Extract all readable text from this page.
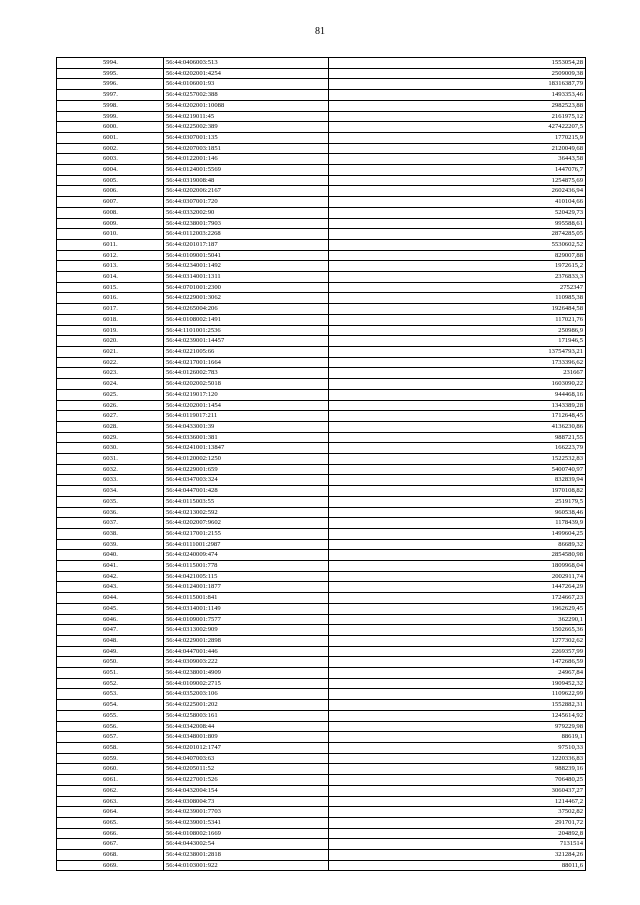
81
5994.	56:44:0406003:513	1553054,28
5995.	56:44:0202001:4254	2509009,38
5996.	56:44:0106001:93	18316387,79
5997.	56:44:0257002:388	1493353,46
5998.	56:44:0202001:10088	2982523,88
5999.	56:44:0219011:45	2161975,12
6000.	56:44:0225002:389	427422207,5
6001.	56:44:0307001:135	1770215,9
6002.	56:44:0207003:1851	2120049,68
6003.	56:44:0122001:146	36443,58
6004.	56:44:0124001:5569	1447076,7
6005.	56:44:0319008:48	1254875,69
6006.	56:44:0202006:2167	2602436,94
6007.	56:44:0307001:720	410104,66
6008.	56:44:0332002:90	520429,73
6009.	56:44:0238001:7903	995588,61
6010.	56:44:0112003:2268	2874285,05
6011.	56:44:0201017:187	5530602,52
6012.	56:44:0109001:5041	829007,88
6013.	56:44:0234001:1492	1972615,2
6014.	56:44:0314001:1311	2376833,3
6015.	56:44:0701001:2300	2752347
6016.	56:44:0229001:3062	110985,38
6017.	56:44:0265004:206	1926484,58
6018.	56:44:0108002:1491	117021,76
6019.	56:44:1101001:2536	250986,9
6020.	56:44:0239001:14457	171946,5
6021.	56:44:0221005:66	13754793,21
6022.	56:44:0217001:1664	1733396,62
6023.	56:44:0126002:783	231667
6024.	56:44:0202002:5018	1603090,22
6025.	56:44:0219017:120	944468,16
6026.	56:44:0202001:1454	1343389,28
6027.	56:44:0119017:211	1712648,45
6028.	56:44:0433001:39	4136230,86
6029.	56:44:0336001:381	988721,55
6030.	56:44:0241001:13847	166223,79
6031.	56:44:0120002:1250	1522532,83
6032.	56:44:0229001:659	5400740,97
6033.	56:44:0347003:324	832839,94
6034.	56:44:0447001:428	1970108,82
6035.	56:44:0115003:55	2519179,5
6036.	56:44:0213002:592	960538,46
6037.	56:44:0202007:9602	1178439,9
6038.	56:44:0217001:2155	1499604,25
6039.	56:44:0111001:2987	86689,32
6040.	56:44:0240009:474	2854580,98
6041.	56:44:0115001:778	1809968,04
6042.	56:44:0421005:115	2002911,74
6043.	56:44:0124001:1877	1447264,29
6044.	56:44:0115001:841	1724667,23
6045.	56:44:0314001:1149	1962629,45
6046.	56:44:0109001:7577	362290,1
6047.	56:44:0313002:909	1502665,36
6048.	56:44:0229001:2898	1277302,62
6049.	56:44:0447001:446	2269357,99
6050.	56:44:0309003:222	1472686,59
6051.	56:44:0238001:4909	24967,84
6052.	56:44:0109002:2715	1909452,32
6053.	56:44:0352003:106	1109622,99
6054.	56:44:0225001:202	1552882,31
6055.	56:44:0258003:161	1245614,92
6056.	56:44:0342008:44	979229,98
6057.	56:44:0348001:809	88619,1
6058.	56:44:0201012:1747	97510,33
6059.	56:44:0407003:63	1220336,83
6060.	56:44:0205011:52	988239,16
6061.	56:44:0227001:526	706480,25
6062.	56:44:0432004:154	3060437,27
6063.	56:44:0308004:73	1214467,2
6064.	56:44:0239001:7703	37502,82
6065.	56:44:0239001:5341	291701,72
6066.	56:44:0108002:1669	204892,8
6067.	56:44:0443002:54	7131514
6068.	56:44:0238001:2818	321284,26
6069.	56:44:0103001:922	88011,6
